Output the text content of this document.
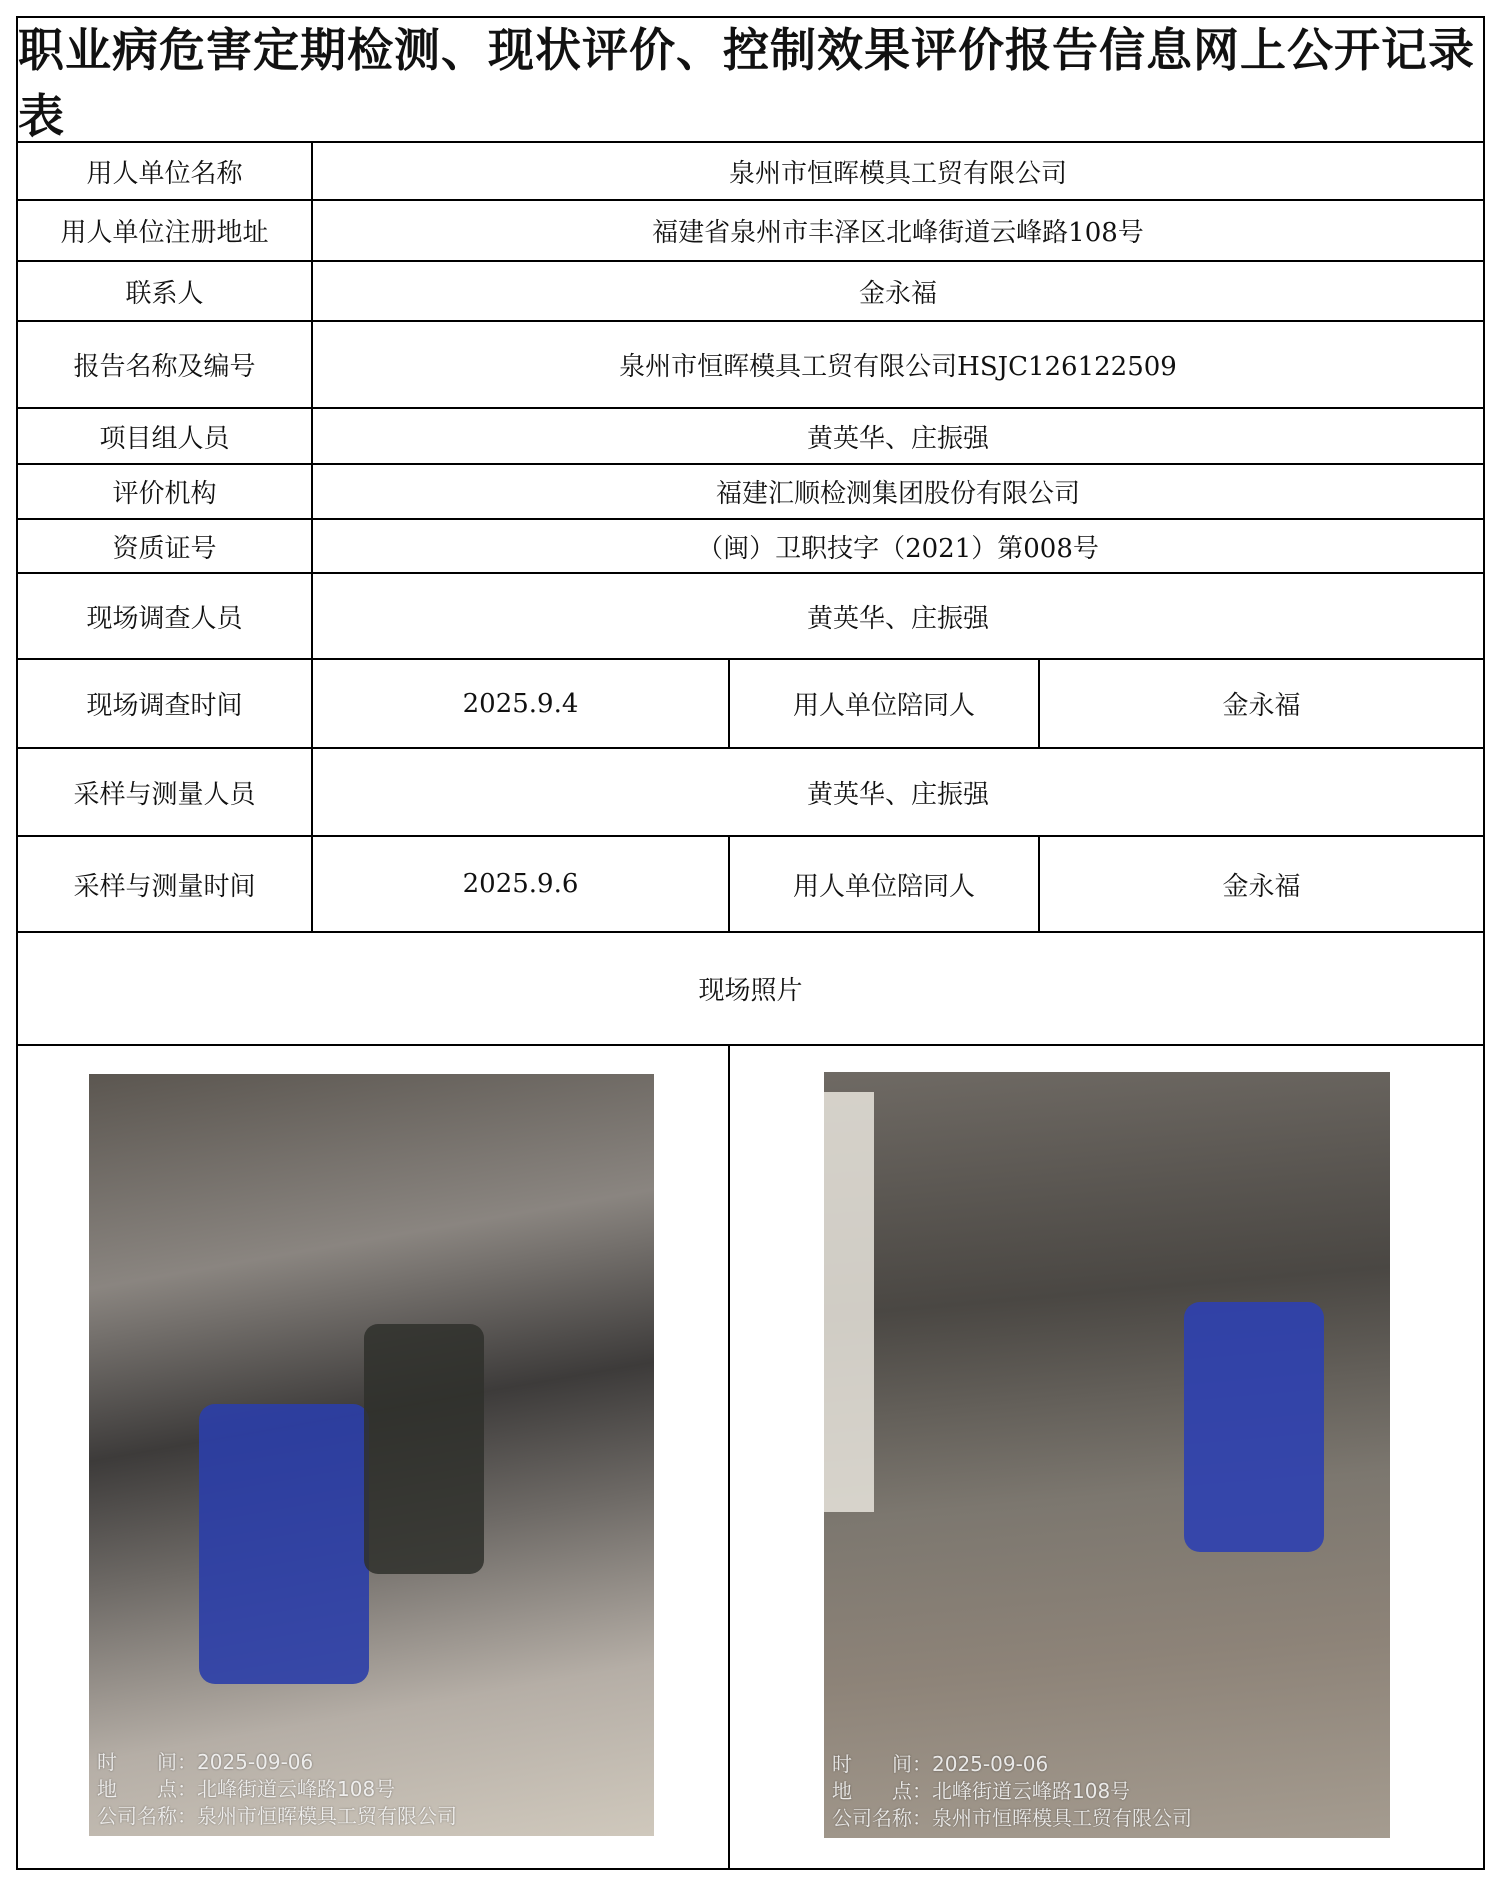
职业病危害定期检测、现状评价、控制效果评价报告信息网上公开记录表
用人单位名称	泉州市恒晖模具工贸有限公司
用人单位注册地址	福建省泉州市丰泽区北峰街道云峰路108号
联系人	金永福
报告名称及编号	泉州市恒晖模具工贸有限公司HSJC126122509
项目组人员	黄英华、庄振强
评价机构	福建汇顺检测集团股份有限公司
资质证号	（闽）卫职技字（2021）第008号
现场调查人员	黄英华、庄振强
现场调查时间	2025.9.4	用人单位陪同人	金永福
采样与测量人员	黄英华、庄振强
采样与测量时间	2025.9.6	用人单位陪同人	金永福
现场照片
时　　间：2025-09-06
地　　点：北峰街道云峰路108号
公司名称：泉州市恒晖模具工贸有限公司
时　　间：2025-09-06
地　　点：北峰街道云峰路108号
公司名称：泉州市恒晖模具工贸有限公司
